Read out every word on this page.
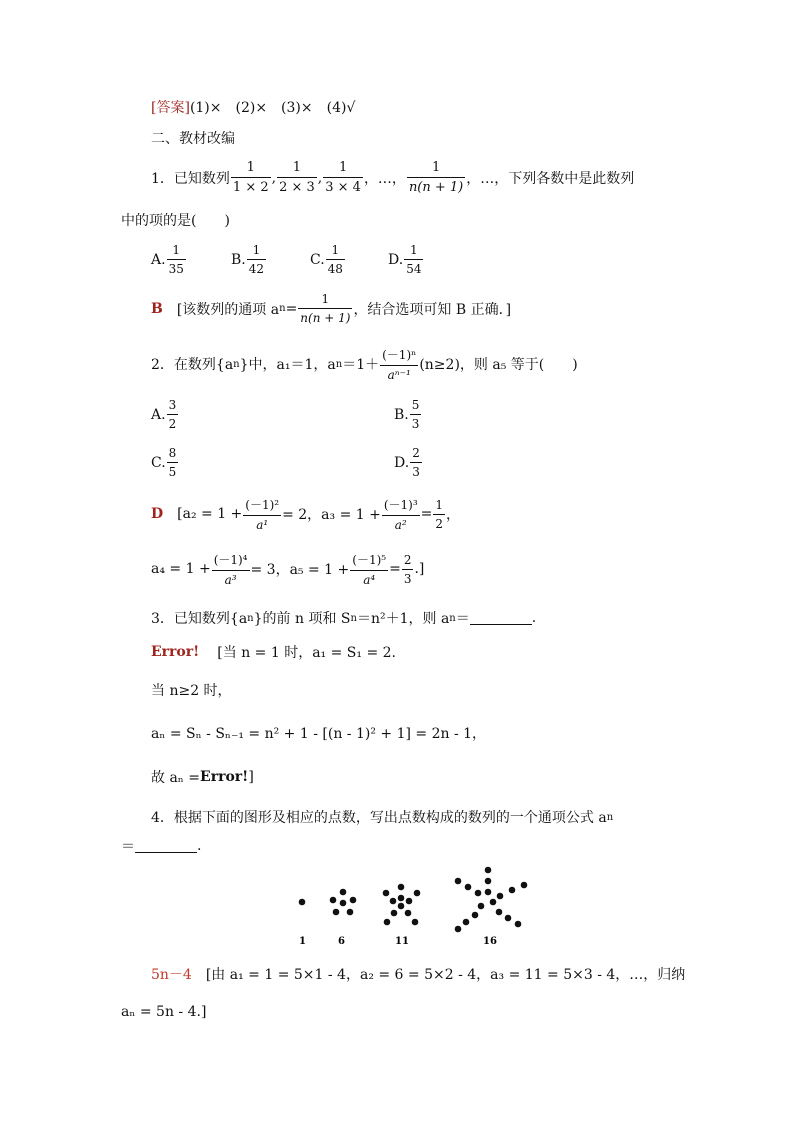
[答案](1)×　(2)×　(3)×　(4)√
二、教材改编
1．已知数列 $\frac{1}{1 \times 2}$ , $\frac{1}{2 \times 3}$ , $\frac{1}{3 \times 4}$ ，…， $\frac{1}{n(n + 1)}$ ，…，下列各数中是此数列
中的项的是(　　)
A. $\frac{1}{35}$	B. $\frac{1}{42}$	C. $\frac{1}{48}$	D. $\frac{1}{54}$
B [该数列的通项 a $n = \frac{1}{n(n + 1)}$ ，结合选项可知 B 正确．]
2．在数列{a n }中，a₁＝1，a $n =1+ \frac{\text{(－1)ⁿ}}{\text{aⁿ⁻¹}} (n\ge 2)$，则 a₅ 等于(　　)
A. $\frac{3}{2}$	B. $\frac{5}{3}$
C. $\frac{8}{5}$	D. $\frac{2}{3}$
D [$a_2 = 1 + \frac{\text{(－1)²}}{\text{a¹}} = 2$，$a_3 = 1 + \frac{\text{(－1)³}}{\text{a²}} = \frac{1}{2}$ ，
$a_4 = 1 + \frac{\text{(－1)⁴}}{\text{a³}} = 3$，$a_5 = 1 + \frac{\text{(－1)⁵}}{\text{a⁴}} = \frac{2}{3}$ .]
3．已知数列{a n }的前 n 项和 S n ＝n²＋1，则 a n ＝	.
Error! [当 n = 1 时，a₁ = S₁ = 2.
当 n≥2 时，
aₙ = Sₙ - Sₙ₋₁ = n² + 1 - [(n - 1)² + 1] = 2n - 1，
故 aₙ = Error! ]
4．根据下面的图形及相应的点数，写出点数构成的数列的一个通项公式 a n
＝	.
1	6	11	16
5n－4 [由 a₁ = 1 = 5×1 - 4，a₂ = 6 = 5×2 - 4，a₃ = 11 = 5×3 - 4，…，归纳
aₙ = 5n - 4.]
